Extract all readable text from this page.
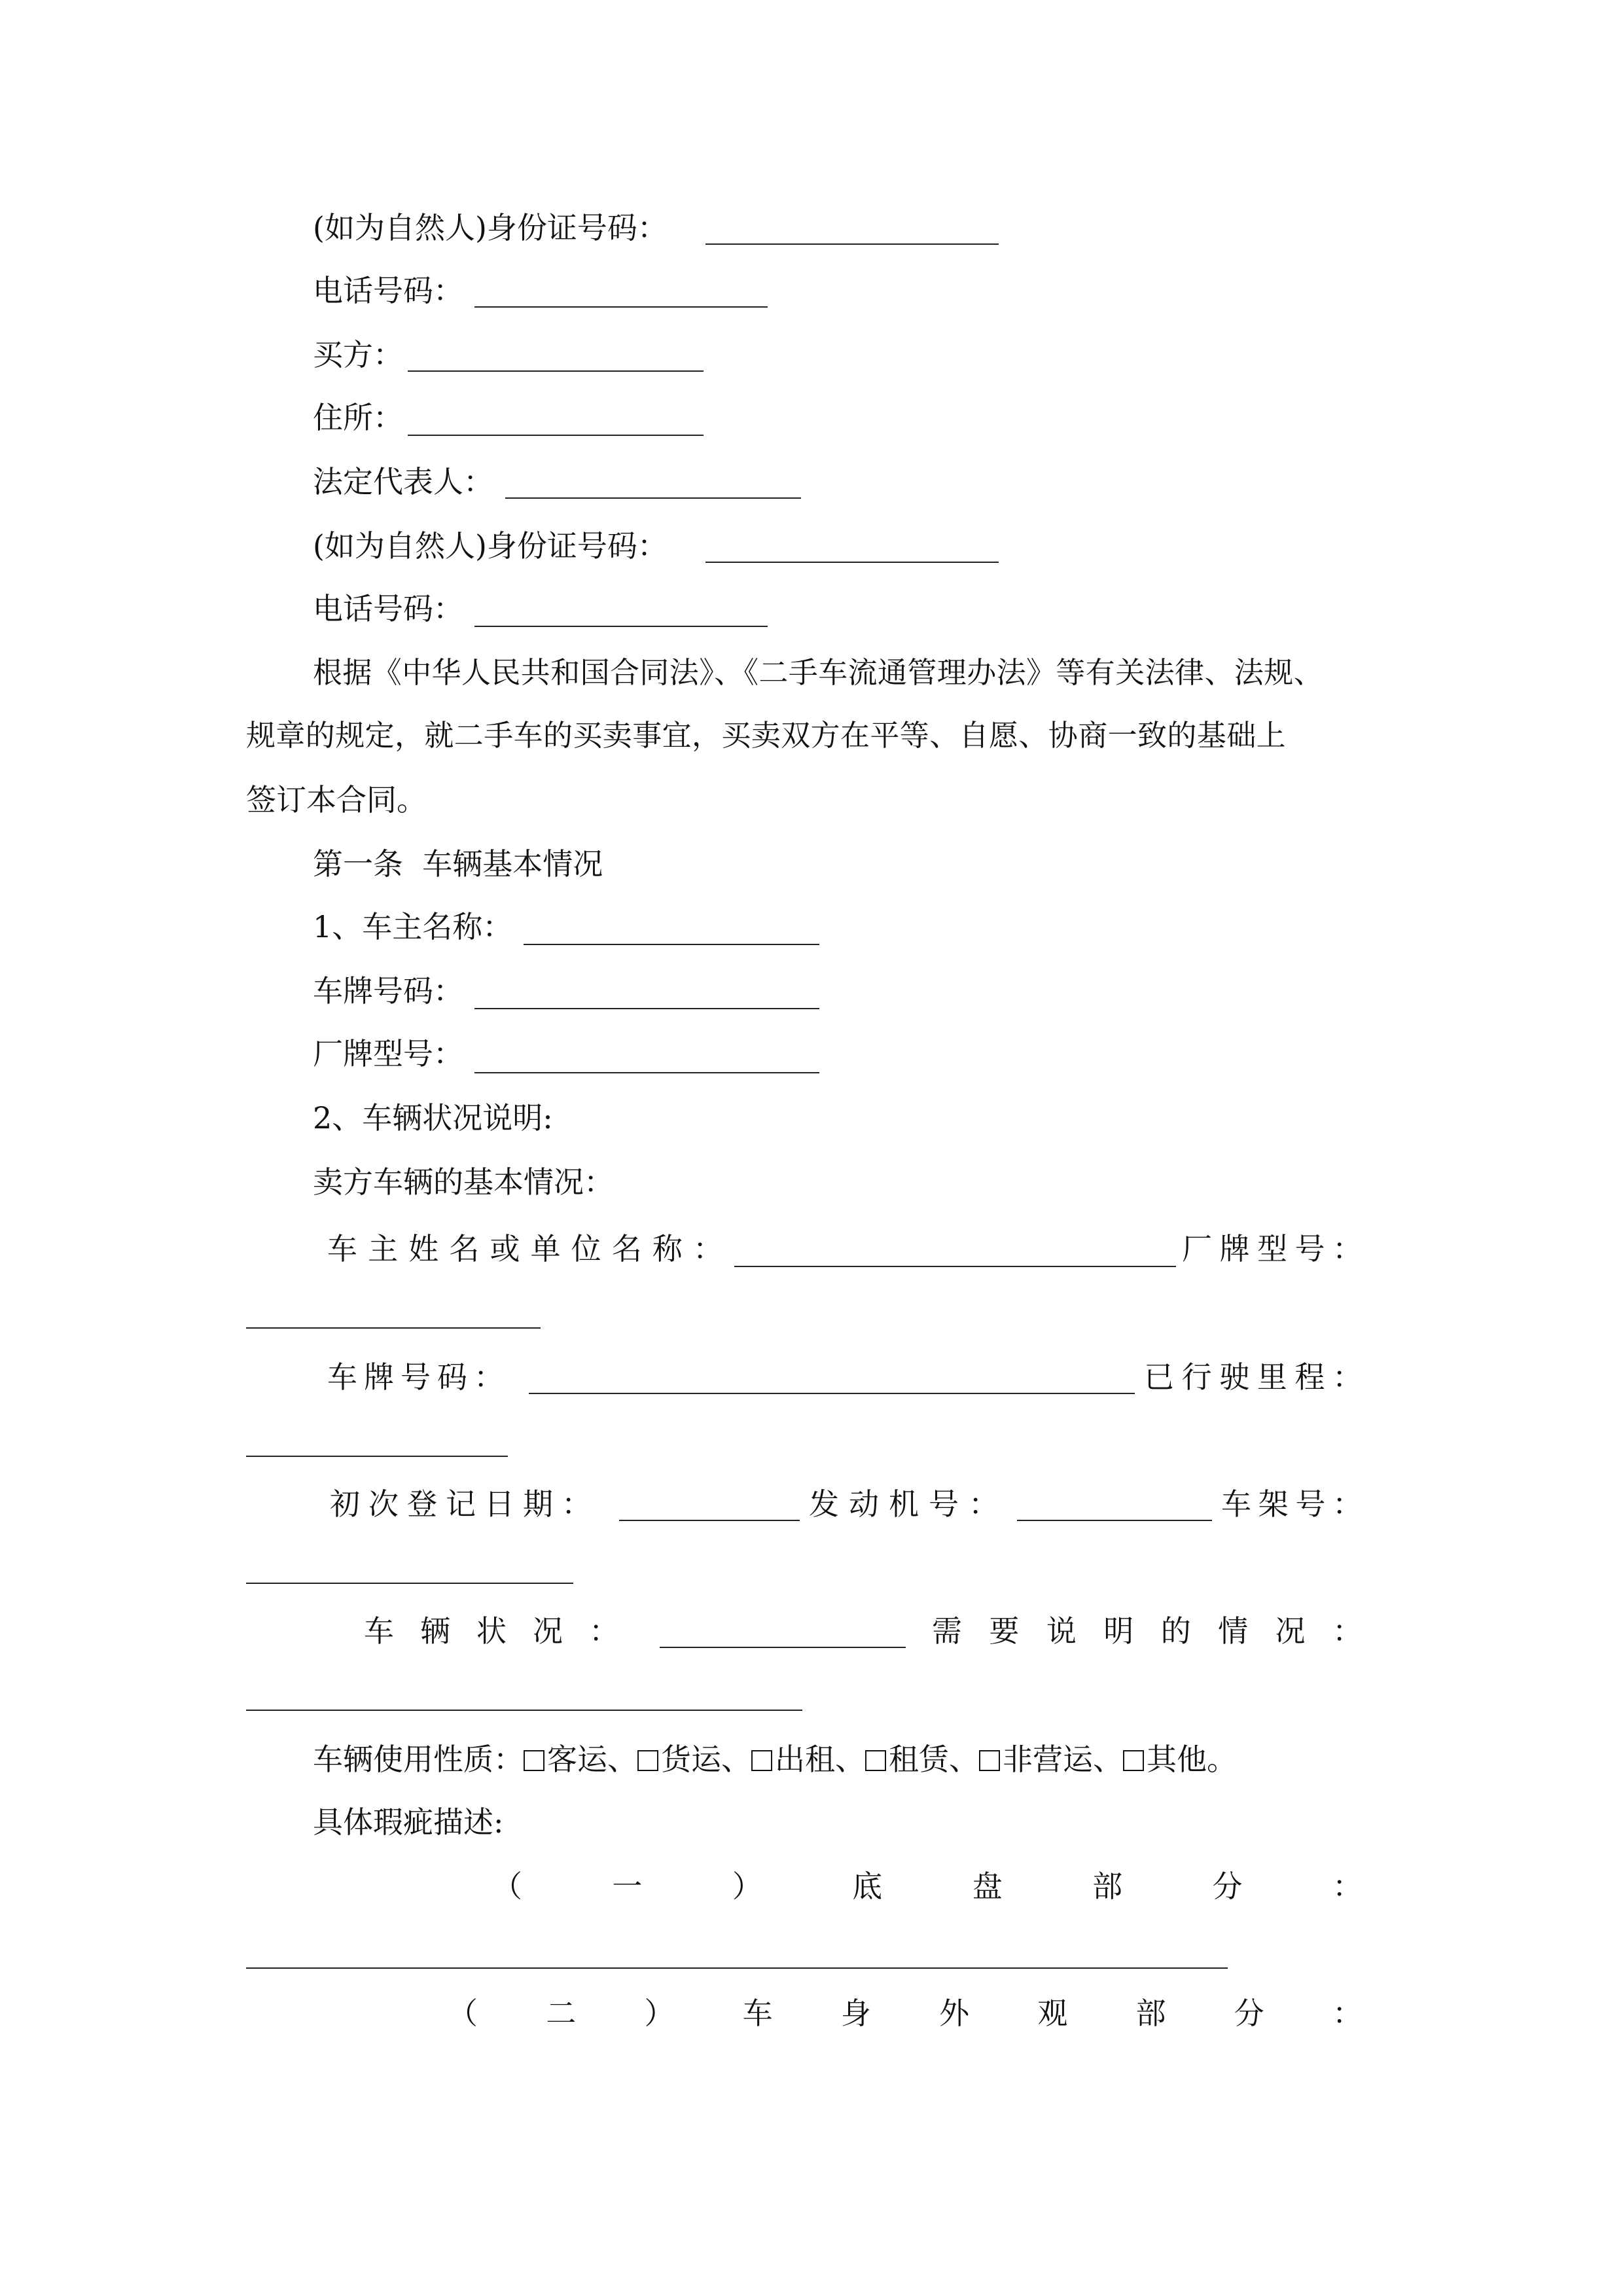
(如为自然人)身份证号码：
电话号码：
买方：
住所：
法定代表人：
(如为自然人)身份证号码：
电话号码：
根据《中华人民共和国合同法》、《二手车流通管理办法》等有关法律、法规、
规章的规定，就二手车的买卖事宜，买卖双方在平等、自愿、协商一致的基础上
签订本合同。
第一条  车辆基本情况
1、车主名称：
车牌号码：
厂牌型号：
2、车辆状况说明:
卖方车辆的基本情况：
车 主 姓 名 或 单 位 名 称 ：	厂 牌 型 号 ：
车 牌 号 码 ：	已 行 驶 里 程 ：
初 次 登 记 日 期 ：	发 动 机 号 ：	车 架 号 ：
车 辆 状 况 ：	需 要 说 明 的 情 况 ：
车辆使用性质： 客运、 货运、 出租、 租赁、 非营运、 其他。
具体瑕疵描述:
（	一	）	底	盘	部	分	：
（ 二 ） 车 身 外 观 部 分 ：
